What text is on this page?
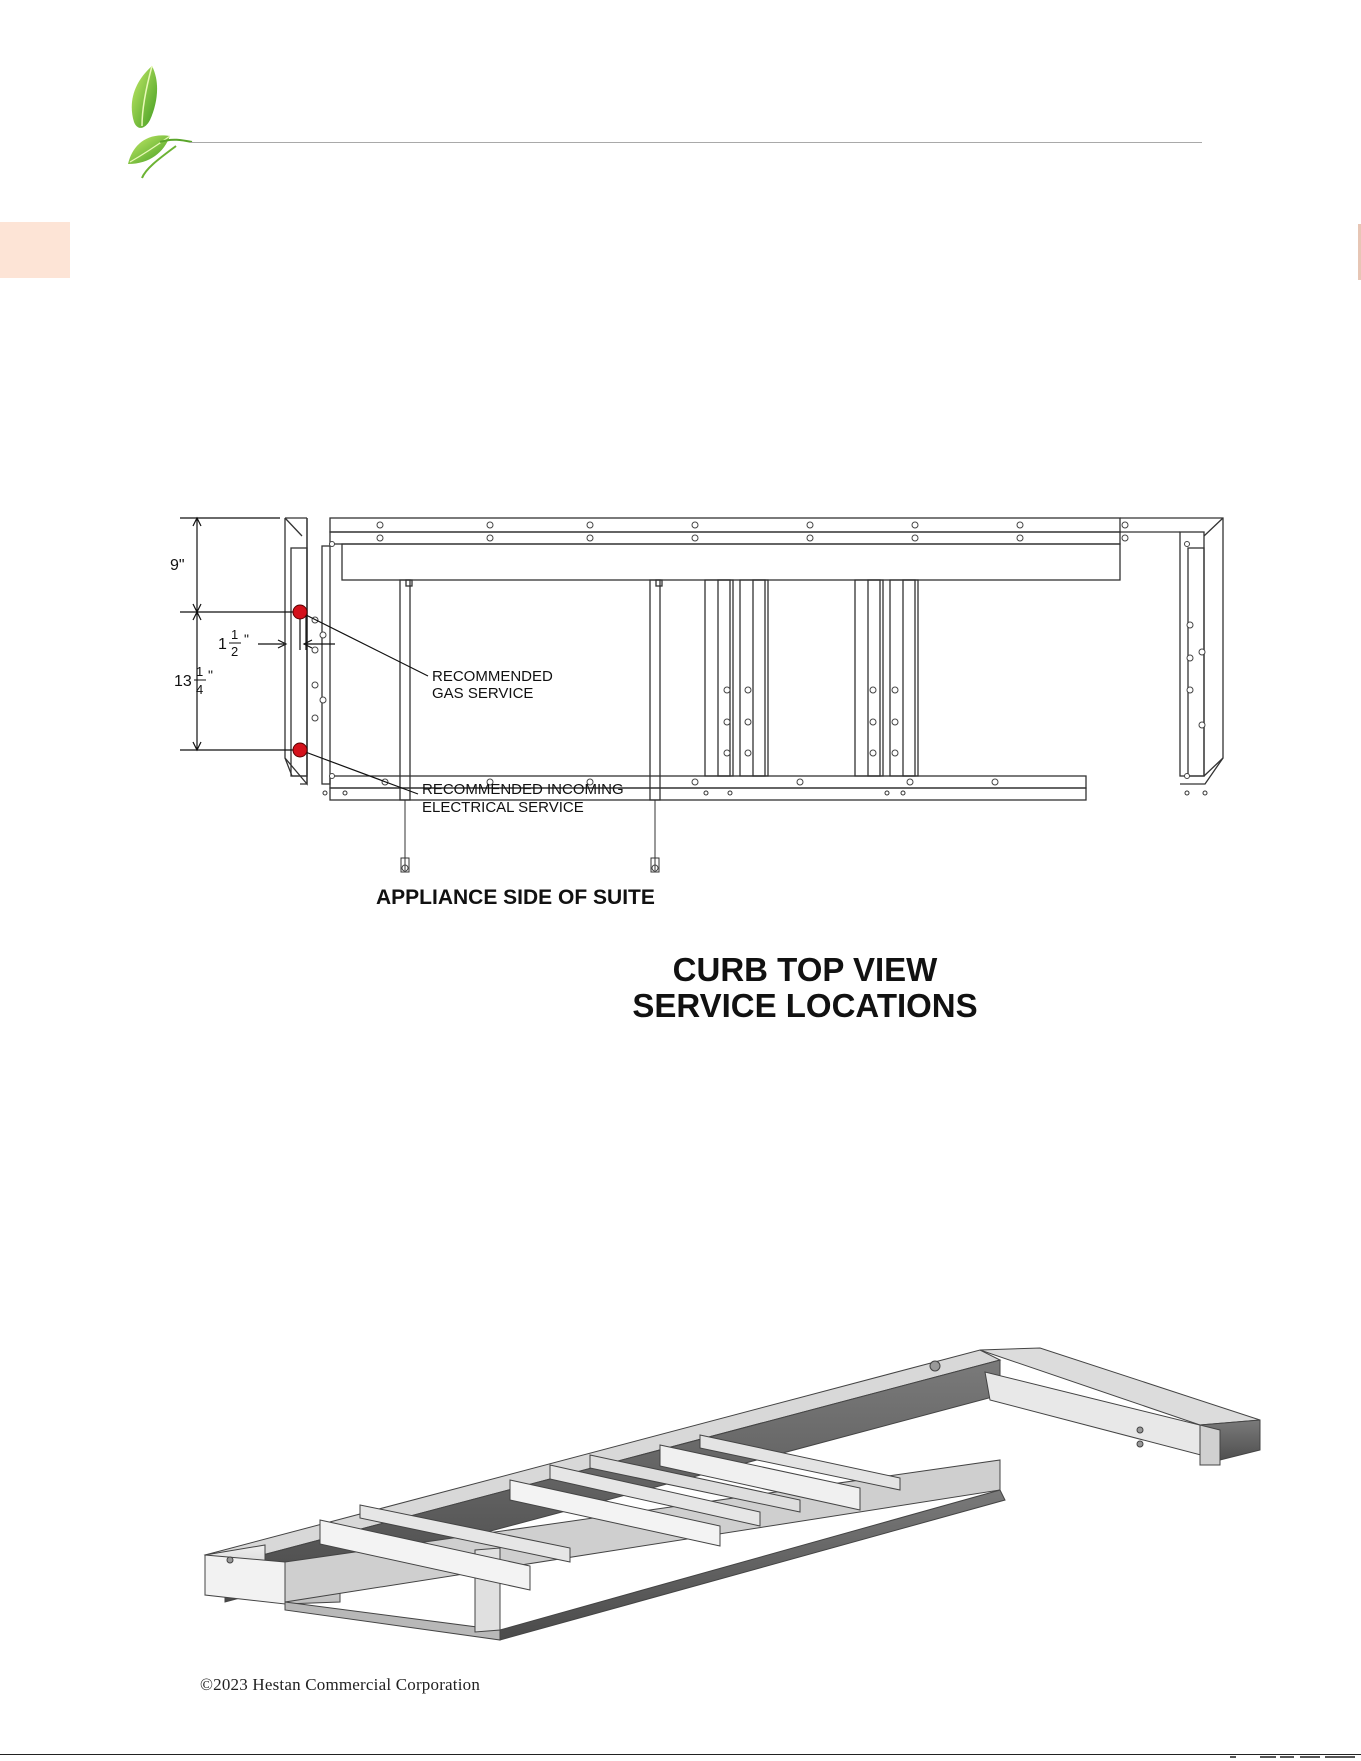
9"
1
1
2
"
13
1
4
"	RECOMMENDED
GAS SERVICE
RECOMMENDED INCOMING
ELECTRICAL SERVICE
APPLIANCE SIDE OF SUITE
CURB TOP VIEW
SERVICE LOCATIONS
©2023 Hestan Commercial Corporation
